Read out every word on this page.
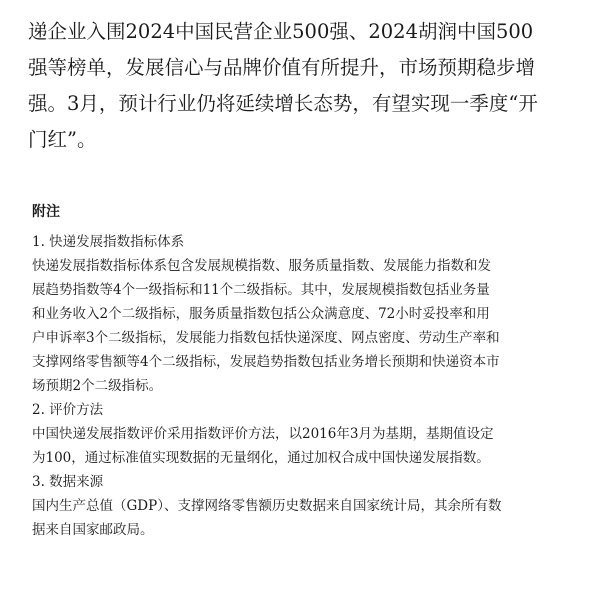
递企业入围2024中国民营企业500强、2024胡润中国500
强等榜单，发展信心与品牌价值有所提升，市场预期稳步增
强。3月，预计行业仍将延续增长态势，有望实现一季度“开
门红”。
附注
1. 快递发展指数指标体系
快递发展指数指标体系包含发展规模指数、服务质量指数、发展能力指数和发
展趋势指数等4个一级指标和11个二级指标。其中，发展规模指数包括业务量
和业务收入2个二级指标，服务质量指数包括公众满意度、72小时妥投率和用
户申诉率3个二级指标，发展能力指数包括快递深度、网点密度、劳动生产率和
支撑网络零售额等4个二级指标，发展趋势指数包括业务增长预期和快递资本市
场预期2个二级指标。
2. 评价方法
中国快递发展指数评价采用指数评价方法，以2016年3月为基期，基期值设定
为100，通过标准值实现数据的无量纲化，通过加权合成中国快递发展指数。
3. 数据来源
国内生产总值（GDP）、支撑网络零售额历史数据来自国家统计局，其余所有数
据来自国家邮政局。
